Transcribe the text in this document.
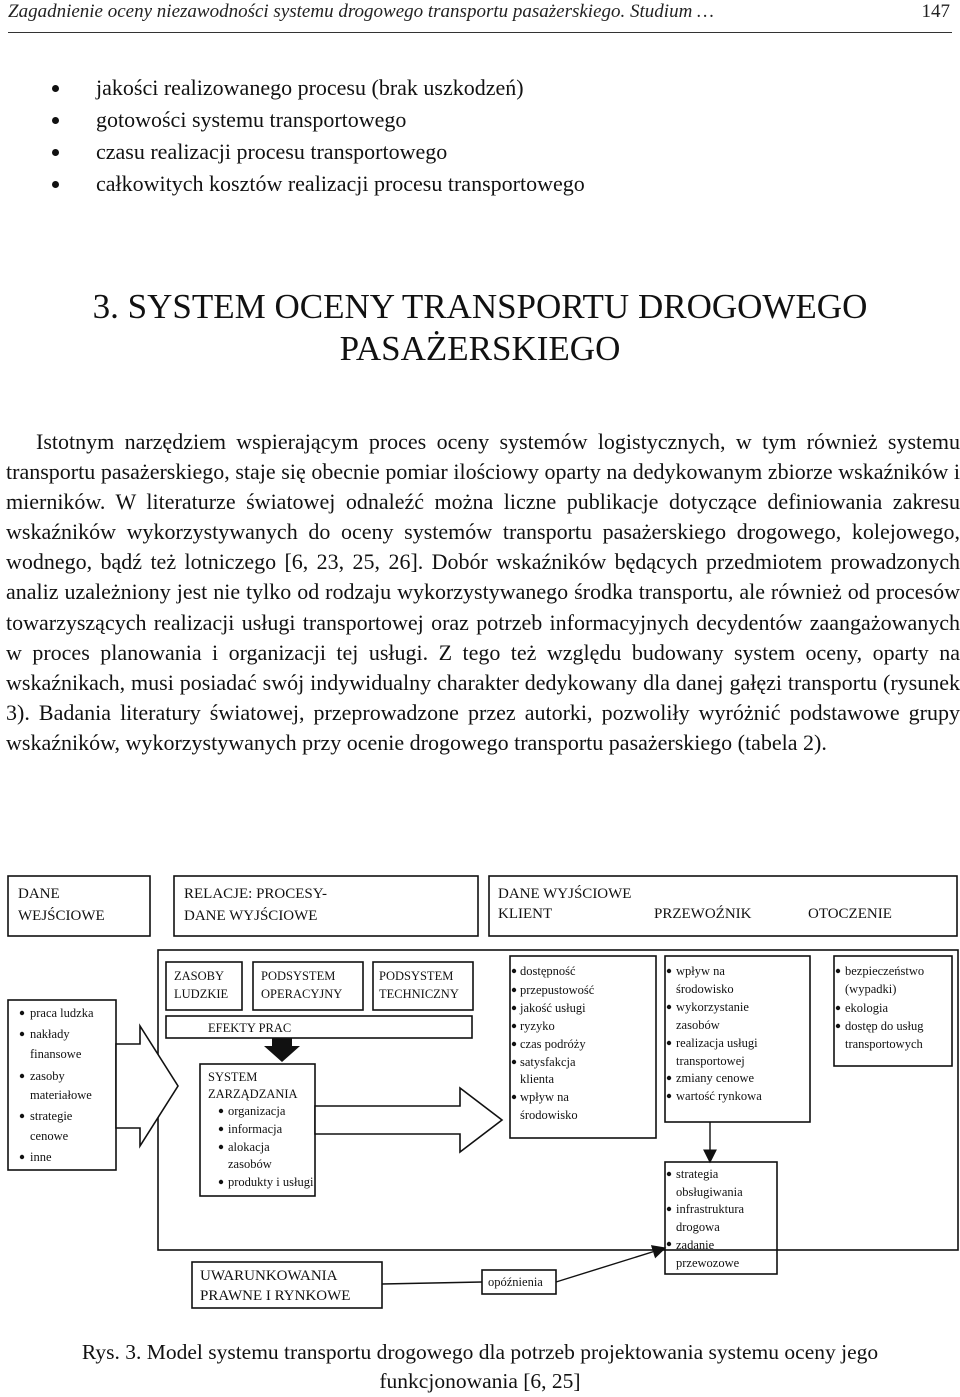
Zagadnienie oceny niezawodności systemu drogowego transportu pasażerskiego. Studium …	147
jakości realizowanego procesu (brak uszkodzeń)
gotowości systemu transportowego
czasu realizacji procesu transportowego
całkowitych kosztów realizacji procesu transportowego
3. SYSTEM OCENY TRANSPORTU DROGOWEGO
PASAŻERSKIEGO

Istotnym narzędziem wspierającym proces oceny systemów logistycznych, w tym również systemu transportu pasażerskiego, staje się obecnie pomiar ilościowy oparty na dedykowanym zbiorze wskaźników i mierników. W literaturze światowej odnaleźć można liczne publikacje dotyczące definiowania zakresu wskaźników wykorzystywanych do oceny systemów transportu pasażerskiego drogowego, kolejowego, wodnego, bądź też lotniczego [6, 23, 25, 26]. Dobór wskaźników będących przedmiotem prowadzonych analiz uzależniony jest nie tylko od rodzaju wykorzystywanego środka transportu, ale również od procesów towarzyszących realizacji usługi transportowej oraz potrzeb informacyjnych decydentów zaangażowanych w proces planowania i organizacji tej usługi. Z tego też względu budowany system oceny, oparty na wskaźnikach, musi posiadać swój indywidualny charakter dedykowany dla danej gałęzi transportu (rysunek 3). Badania literatury światowej, przeprowadzone przez autorki, pozwoliły wyróżnić podstawowe grupy wskaźników, wykorzystywanych przy ocenie drogowego transportu pasażerskiego (tabela 2).

DANE
WEJŚCIOWE
RELACJE: PROCESY-
DANE WYJŚCIOWE
DANE WYJŚCIOWE
KLIENT	PRZEWOŹNIK	OTOCZENIE
ZASOBY
LUDZKIE
PODSYSTEM
OPERACYJNY
PODSYSTEM
TECHNICZNY
EFEKTY PRAC
praca ludzka
nakłady
finansowe
zasoby
materiałowe
strategie
cenowe
inne
SYSTEM
ZARZĄDZANIA
organizacja
informacja
alokacja
zasobów
produkty i usługi
dostępność
przepustowość
jakość usługi
ryzyko
czas podróży
satysfakcja
klienta
wpływ na
środowisko
wpływ na
środowisko
wykorzystanie
zasobów
realizacja usługi
transportowej
zmiany cenowe
wartość rynkowa
bezpieczeństwo
(wypadki)
ekologia
dostęp do usług
transportowych
strategia
obsługiwania
infrastruktura
drogowa
zadanie
przewozowe
opóźnienia
UWARUNKOWANIA
PRAWNE I RYNKOWE
Rys. 3. Model systemu transportu drogowego dla potrzeb projektowania systemu oceny jego
funkcjonowania [6, 25]
